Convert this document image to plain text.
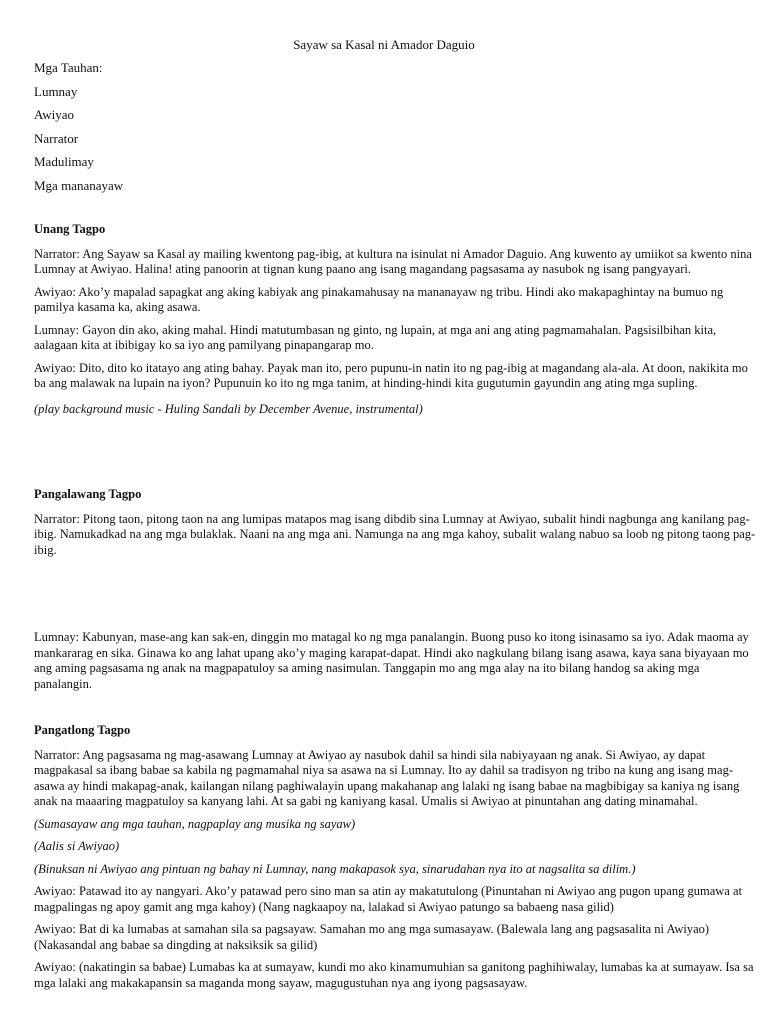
Sayaw sa Kasal ni Amador Daguio
Mga Tauhan:
Lumnay
Awiyao
Narrator
Madulimay
Mga mananayaw

Unang Tagpo

Narrator: Ang Sayaw sa Kasal ay mailing kwentong pag-ibig, at kultura na isinulat ni Amador Daguio. Ang kuwento ay umiikot sa kwento nina Lumnay at Awiyao. Halina! ating panoorin at tignan kung paano ang isang magandang pagsasama ay nasubok ng isang pangyayari.

Awiyao: Ako’y mapalad sapagkat ang aking kabiyak ang pinakamahusay na mananayaw ng tribu. Hindi ako makapaghintay na bumuo ng pamilya kasama ka, aking asawa.

Lumnay: Gayon din ako, aking mahal. Hindi matutumbasan ng ginto, ng lupain, at mga ani ang ating pagmamahalan. Pagsisilbihan kita, aalagaan kita at ibibigay ko sa iyo ang pamilyang pinapangarap mo.

Awiyao: Dito, dito ko itatayo ang ating bahay. Payak man ito, pero pupunu-in natin ito ng pag-ibig at magandang ala-ala. At doon, nakikita mo ba ang malawak na lupain na iyon? Pupunuin ko ito ng mga tanim, at hinding-hindi kita gugutumin gayundin ang ating mga supling.

(play background music - Huling Sandali by December Avenue, instrumental)

Pangalawang Tagpo

Narrator: Pitong taon, pitong taon na ang lumipas matapos mag isang dibdib sina Lumnay at Awiyao, subalit hindi nagbunga ang kanilang pag-ibig. Namukadkad na ang mga bulaklak. Naani na ang mga ani. Namunga na ang mga kahoy, subalit walang nabuo sa loob ng pitong taong pag-ibig.

Lumnay: Kabunyan, mase-ang kan sak-en, dinggin mo matagal ko ng mga panalangin. Buong puso ko itong isinasamo sa iyo. Adak maoma ay mankararag en sika. Ginawa ko ang lahat upang ako’y maging karapat-dapat. Hindi ako nagkulang bilang isang asawa, kaya sana biyayaan mo ang aming pagsasama ng anak na magpapatuloy sa aming nasimulan. Tanggapin mo ang mga alay na ito bilang handog sa aking mga panalangin.

Pangatlong Tagpo

Narrator: Ang pagsasama ng mag-asawang Lumnay at Awiyao ay nasubok dahil sa hindi sila nabiyayaan ng anak. Si Awiyao, ay dapat magpakasal sa ibang babae sa kabila ng pagmamahal niya sa asawa na si Lumnay. Ito ay dahil sa tradisyon ng tribo na kung ang isang mag-asawa ay hindi makapag-anak, kailangan nilang paghiwalayin upang makahanap ang lalaki ng isang babae na magbibigay sa kaniya ng isang anak na maaaring magpatuloy sa kanyang lahi. At sa gabi ng kaniyang kasal. Umalis si Awiyao at pinuntahan ang dating minamahal.

(Sumasayaw ang mga tauhan, nagpaplay ang musika ng sayaw)

(Aalis si Awiyao)

(Binuksan ni Awiyao ang pintuan ng bahay ni Lumnay, nang makapasok sya, sinarudahan nya ito at nagsalita sa dilim.)

Awiyao: Patawad ito ay nangyari. Ako’y patawad pero sino man sa atin ay makatutulong (Pinuntahan ni Awiyao ang pugon upang gumawa at magpalingas ng apoy gamit ang mga kahoy) (Nang nagkaapoy na, lalakad si Awiyao patungo sa babaeng nasa gilid)

Awiyao: Bat di ka lumabas at samahan sila sa pagsayaw. Samahan mo ang mga sumasayaw. (Balewala lang ang pagsasalita ni Awiyao) (Nakasandal ang babae sa dingding at naksiksik sa gilid)

Awiyao: (nakatingin sa babae) Lumabas ka at sumayaw, kundi mo ako kinamumuhian sa ganitong paghihiwalay, lumabas ka at sumayaw. Isa sa mga lalaki ang makakapansin sa maganda mong sayaw, magugustuhan nya ang iyong pagsasayaw.
